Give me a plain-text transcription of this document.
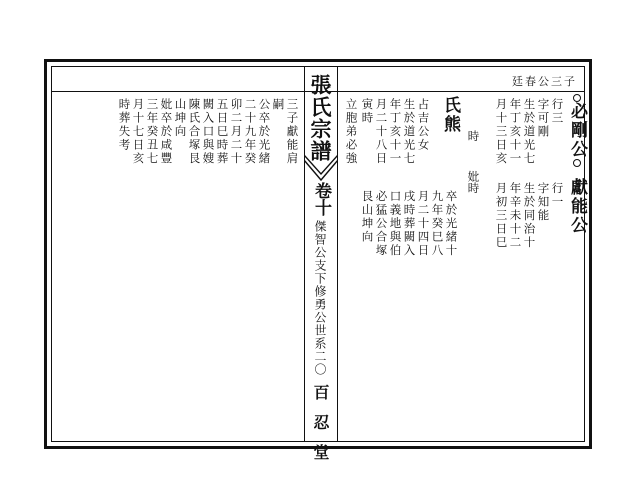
廷春公三子
張氏宗譜
卷十
傑智公支下修勇公世系二〇
百忍堂
必剛公
行三
字可剛
生於道光七
年丁亥十一
月十三日亥
時　　妣
獻能公
行一
字知能
生於同治十
年辛未十二
月初三日巳
時
氏熊
卒於光緒十
九年癸巳八
月二十四日
戌時葬闕入
口義地與伯
必猛公合塚
艮山坤向
占吉公女
生於道光七
年丁亥十一
月二十八日
寅時
立胞弟必強
三子獻能肩
嗣
公卒於光緒
二十九年癸
卯二月二十
五日巳時葬
闕入口與嫂
陳氏合塚艮
山坤向
妣卒於咸豐
三年癸丑七
月十七日亥
時葬失考
